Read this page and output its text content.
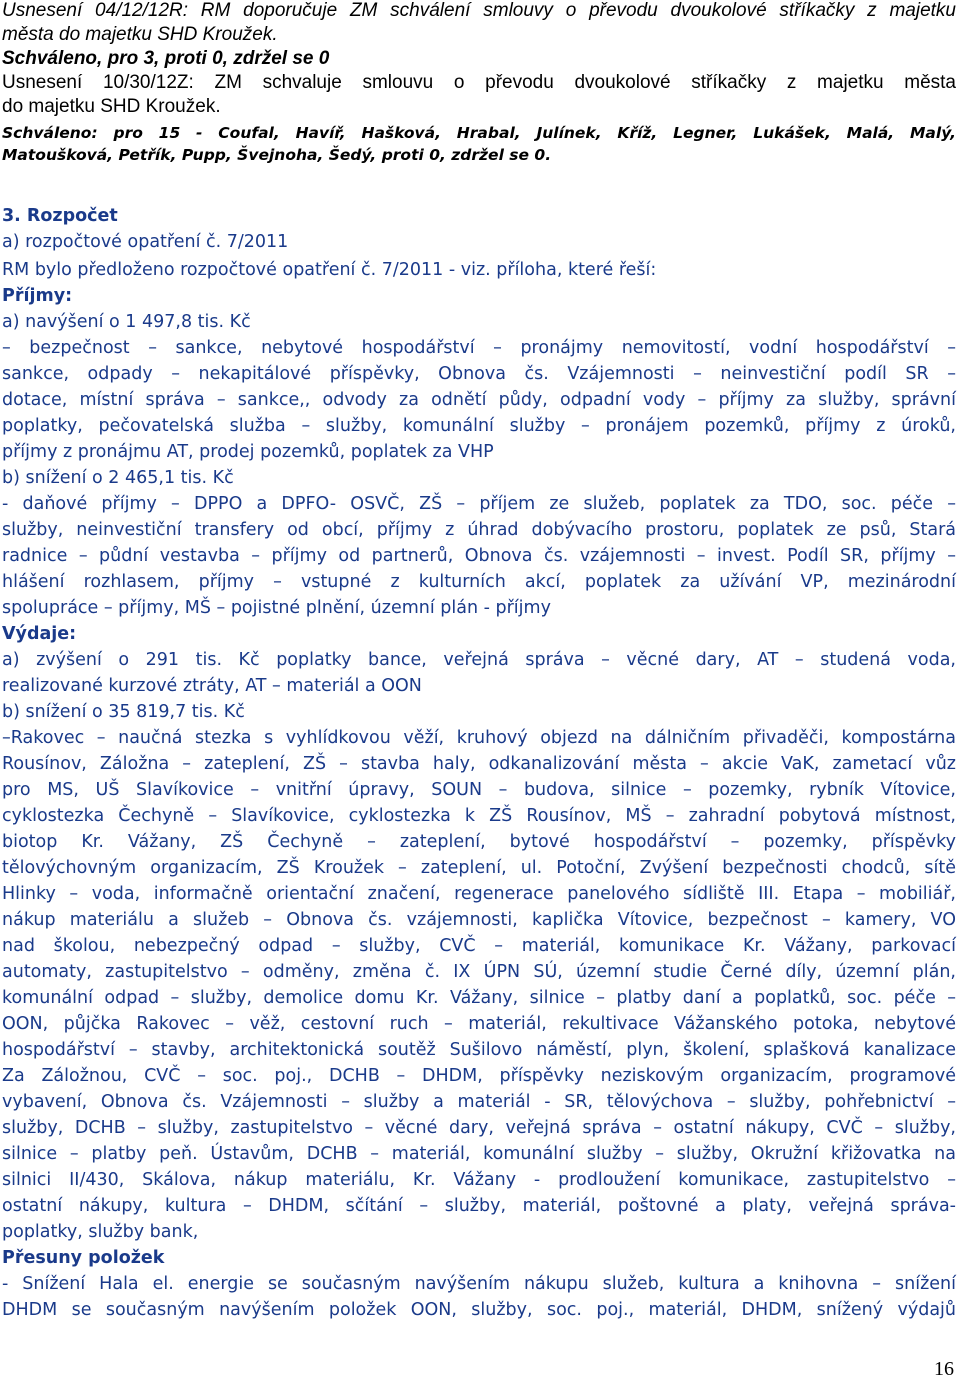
Usnesení 04/12/12R: RM doporučuje ZM schválení smlouvy o převodu dvoukolové stříkačky z majetku
města do majetku SHD Kroužek.
Schváleno, pro 3, proti 0, zdržel se 0
Usnesení 10/30/12Z: ZM schvaluje smlouvu o převodu dvoukolové stříkačky z majetku města
do majetku SHD Kroužek.
Schváleno: pro 15 - Coufal, Havíř, Hašková, Hrabal, Julínek, Kříž, Legner, Lukášek, Malá, Malý,
Matoušková, Petřík, Pupp, Švejnoha, Šedý, proti 0, zdržel se 0.
3. Rozpočet
a) rozpočtové opatření č. 7/2011
RM bylo předloženo rozpočtové opatření č. 7/2011 - viz. příloha, které řeší:
Příjmy:
a) navýšení o 1 497,8 tis. Kč
– bezpečnost – sankce, nebytové hospodářství – pronájmy nemovitostí, vodní hospodářství –
sankce, odpady – nekapitálové příspěvky, Obnova čs. Vzájemnosti – neinvestiční podíl SR –
dotace, místní správa – sankce,, odvody za odnětí půdy, odpadní vody – příjmy za služby, správní
poplatky, pečovatelská služba – služby, komunální služby – pronájem pozemků, příjmy z úroků,
příjmy z pronájmu AT, prodej pozemků, poplatek za VHP
b) snížení o 2 465,1 tis. Kč
- daňové příjmy – DPPO a DPFO- OSVČ, ZŠ – příjem ze služeb, poplatek za TDO, soc. péče –
služby, neinvestiční transfery od obcí, příjmy z úhrad dobývacího prostoru, poplatek ze psů, Stará
radnice – půdní vestavba – příjmy od partnerů, Obnova čs. vzájemnosti – invest. Podíl SR, příjmy –
hlášení rozhlasem, příjmy – vstupné z kulturních akcí, poplatek za užívání VP, mezinárodní
spolupráce – příjmy, MŠ – pojistné plnění, územní plán - příjmy
Výdaje:
a) zvýšení o 291 tis. Kč poplatky bance, veřejná správa – věcné dary, AT – studená voda,
realizované kurzové ztráty, AT – materiál a OON
b) snížení o 35 819,7 tis. Kč
–Rakovec – naučná stezka s vyhlídkovou věží, kruhový objezd na dálničním přivaděči, kompostárna
Rousínov, Záložna – zateplení, ZŠ – stavba haly, odkanalizování města – akcie VaK, zametací vůz
pro MS, UŠ Slavíkovice – vnitřní úpravy, SOUN – budova, silnice – pozemky, rybník Vítovice,
cyklostezka Čechyně – Slavíkovice, cyklostezka k ZŠ Rousínov, MŠ – zahradní pobytová místnost,
biotop Kr. Vážany, ZŠ Čechyně – zateplení, bytové hospodářství – pozemky, příspěvky
tělovýchovným organizacím, ZŠ Kroužek – zateplení, ul. Potoční, Zvýšení bezpečnosti chodců, sítě
Hlinky – voda, informačně orientační značení, regenerace panelového sídliště III. Etapa – mobiliář,
nákup materiálu a služeb – Obnova čs. vzájemnosti, kaplička Vítovice, bezpečnost – kamery, VO
nad školou, nebezpečný odpad – služby, CVČ – materiál, komunikace Kr. Vážany, parkovací
automaty, zastupitelstvo – odměny, změna č. IX ÚPN SÚ, územní studie Černé díly, územní plán,
komunální odpad – služby, demolice domu Kr. Vážany, silnice – platby daní a poplatků, soc. péče –
OON, půjčka Rakovec – věž, cestovní ruch – materiál, rekultivace Vážanského potoka, nebytové
hospodářství – stavby, architektonická soutěž Sušilovo náměstí, plyn, školení, splašková kanalizace
Za Záložnou, CVČ – soc. poj., DCHB – DHDM, příspěvky neziskovým organizacím, programové
vybavení, Obnova čs. Vzájemnosti – služby a materiál - SR, tělovýchova – služby, pohřebnictví –
služby, DCHB – služby, zastupitelstvo – věcné dary, veřejná správa – ostatní nákupy, CVČ – služby,
silnice – platby peň. Ústavům, DCHB – materiál, komunální služby – služby, Okružní křižovatka na
silnici II/430, Skálova, nákup materiálu, Kr. Vážany - prodloužení komunikace, zastupitelstvo –
ostatní nákupy, kultura – DHDM, sčítání – služby, materiál, poštovné a platy, veřejná správa-
poplatky, služby bank,
Přesuny položek
- Snížení Hala el. energie se současným navýšením nákupu služeb, kultura a knihovna – snížení
DHDM se současným navýšením položek OON, služby, soc. poj., materiál, DHDM, snížený výdajů
16
